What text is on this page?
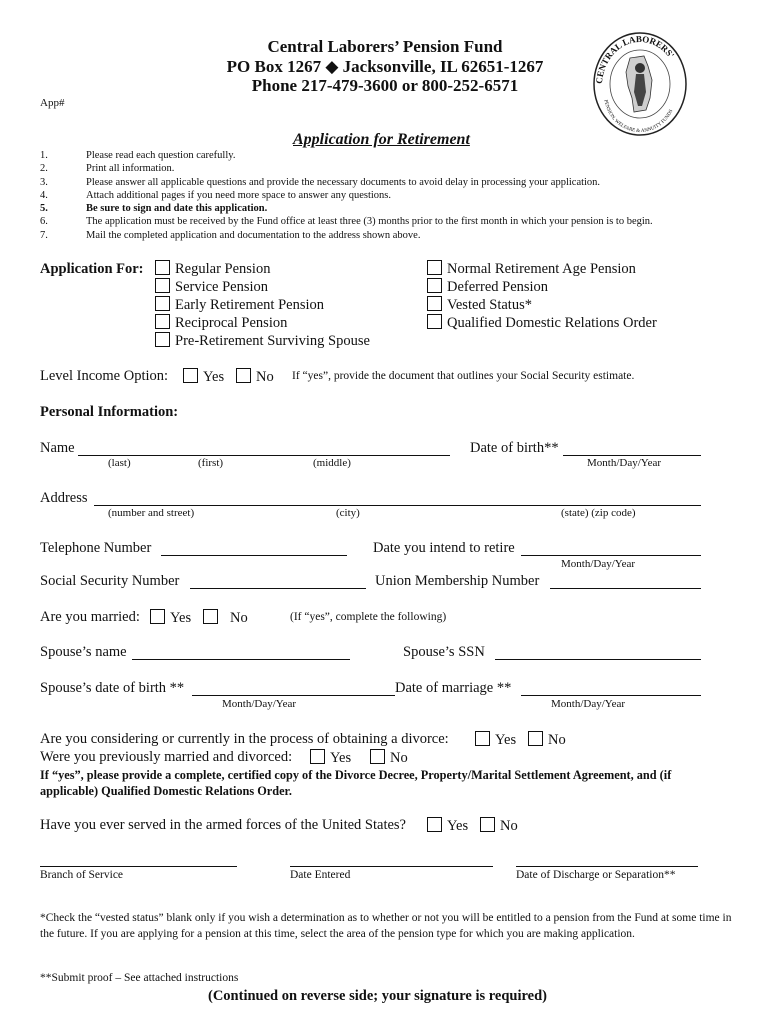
Central Laborers’ Pension Fund
PO Box 1267 ◆ Jacksonville, IL 62651-1267
Phone 217-479-3600 or 800-252-6571
App#
CENTRAL LABORERS'
PENSION, WELFARE & ANNUITY FUNDS
Application for Retirement
1.	Please read each question carefully.
2.	Print all information.
3.	Please answer all applicable questions and provide the necessary documents to avoid delay in processing your application.
4.	Attach additional pages if you need more space to answer any questions.
5.	Be sure to sign and date this application.
6.	The application must be received by the Fund office at least three (3) months prior to the first month in which your pension is to begin.
7.	Mail the completed application and documentation to the address shown above.
Application For:	Regular Pension
Service Pension
Early Retirement Pension
Reciprocal Pension
Pre-Retirement Surviving Spouse
Normal Retirement Age Pension
Deferred Pension
Vested Status*
Qualified Domestic Relations Order
Level Income Option:	Yes	No If “yes”, provide the document that outlines your Social Security estimate.
Personal Information:
Name
(last)	(first)	(middle)
Date of birth**
Month/Day/Year
Address
(number and street)	(city)	(state) (zip code)
Telephone Number	Date you intend to retire
Month/Day/Year
Social Security Number	Union Membership Number
Are you married:	Yes	No	(If “yes”, complete the following)
Spouse’s name	Spouse’s SSN
Spouse’s date of birth **
Month/Day/Year
Date of marriage **
Month/Day/Year
Are you considering or currently in the process of obtaining a divorce:	Yes	No
Were you previously married and divorced:	Yes	No
If “yes”, please provide a complete, certified copy of the Divorce Decree, Property/Marital Settlement Agreement, and (if applicable) Qualified Domestic Relations Order.
Have you ever served in the armed forces of the United States?	Yes	No
Branch of Service	Date Entered	Date of Discharge or Separation**
*Check the “vested status” blank only if you wish a determination as to whether or not you will be entitled to a pension from the Fund at some time in the future. If you are applying for a pension at this time, select the area of the pension type for which you are making application.
**Submit proof – See attached instructions
(Continued on reverse side; your signature is required)
